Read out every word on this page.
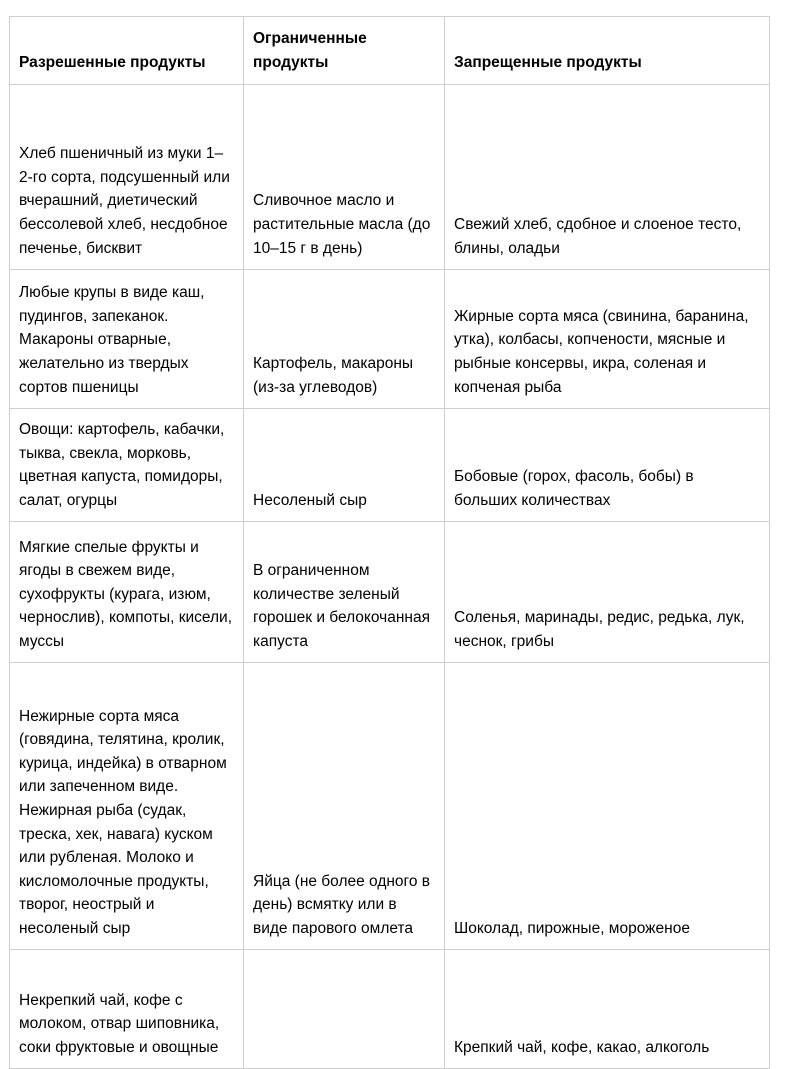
Разрешенные продукты	Ограниченные продукты	Запрещенные продукты
Хлеб пшеничный из муки 1–2-го сорта, подсушенный или вчерашний, диетический бессолевой хлеб, несдобное печенье, бисквит	Сливочное масло и растительные масла (до 10–15 г в день)	Свежий хлеб, сдобное и слоеное тесто, блины, оладьи
Любые крупы в виде каш, пудингов, запеканок. Макароны отварные, желательно из твердых сортов пшеницы	Картофель, макароны (из-за углеводов)	Жирные сорта мяса (свинина, баранина, утка), колбасы, копчености, мясные и рыбные консервы, икра, соленая и копченая рыба
Овощи: картофель, кабачки, тыква, свекла, морковь, цветная капуста, помидоры, салат, огурцы	Несоленый сыр	Бобовые (горох, фасоль, бобы) в больших количествах
Мягкие спелые фрукты и ягоды в свежем виде, сухофрукты (курага, изюм, чернослив), компоты, кисели, муссы	В ограниченном количестве зеленый горошек и белокочанная капуста	Соленья, маринады, редис, редька, лук, чеснок, грибы
Нежирные сорта мяса (говядина, телятина, кролик, курица, индейка) в отварном или запеченном виде. Нежирная рыба (судак, треска, хек, навага) куском или рубленая. Молоко и кисломолочные продукты, творог, неострый и несоленый сыр	Яйца (не более одного в день) всмятку или в виде парового омлета	Шоколад, пирожные, мороженое
Некрепкий чай, кофе с молоком, отвар шиповника, соки фруктовые и овощные		Крепкий чай, кофе, какао, алкоголь
